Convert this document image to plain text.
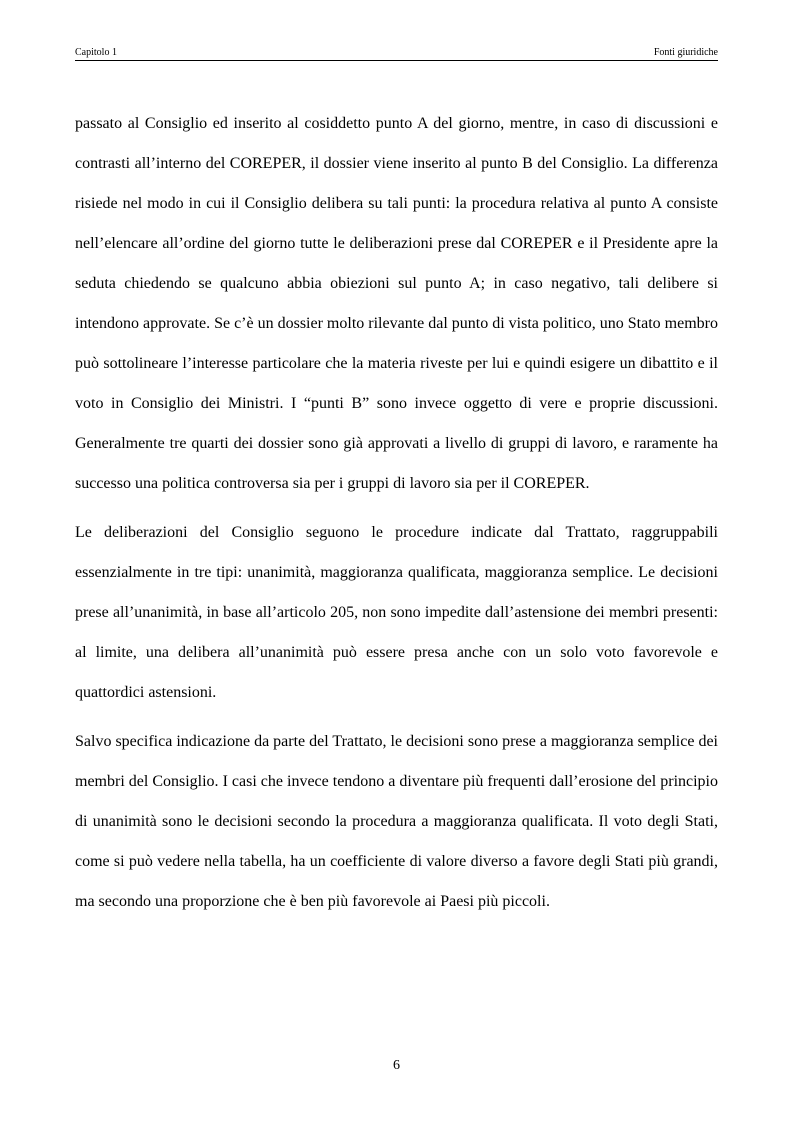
Capitolo 1	Fonti giuridiche

passato al Consiglio ed inserito al cosiddetto punto A del giorno, mentre, in caso di discussioni e contrasti all’interno del COREPER, il dossier viene inserito al punto B del Consiglio. La differenza risiede nel modo in cui il Consiglio delibera su tali punti: la procedura relativa al punto A consiste nell’elencare all’ordine del giorno tutte le deliberazioni prese dal COREPER e il Presidente apre la seduta chiedendo se qualcuno abbia obiezioni sul punto A; in caso negativo, tali delibere si intendono approvate. Se c’è un dossier molto rilevante dal punto di vista politico, uno Stato membro può sottolineare l’interesse particolare che la materia riveste per lui e quindi esigere un dibattito e il voto in Consiglio dei Ministri. I “punti B” sono invece oggetto di vere e proprie discussioni. Generalmente tre quarti dei dossier sono già approvati a livello di gruppi di lavoro, e raramente ha successo una politica controversa sia per i gruppi di lavoro sia per il COREPER.

Le deliberazioni del Consiglio seguono le procedure indicate dal Trattato, raggruppabili essenzialmente in tre tipi: unanimità, maggioranza qualificata, maggioranza semplice. Le decisioni prese all’unanimità, in base all’articolo 205, non sono impedite dall’astensione dei membri presenti: al limite, una delibera all’unanimità può essere presa anche con un solo voto favorevole e quattordici astensioni.

Salvo specifica indicazione da parte del Trattato, le decisioni sono prese a maggioranza semplice dei membri del Consiglio. I casi che invece tendono a diventare più frequenti dall’erosione del principio di unanimità sono le decisioni secondo la procedura a maggioranza qualificata. Il voto degli Stati, come si può vedere nella tabella, ha un coefficiente di valore diverso a favore degli Stati più grandi, ma secondo una proporzione che è ben più favorevole ai Paesi più piccoli.

6
